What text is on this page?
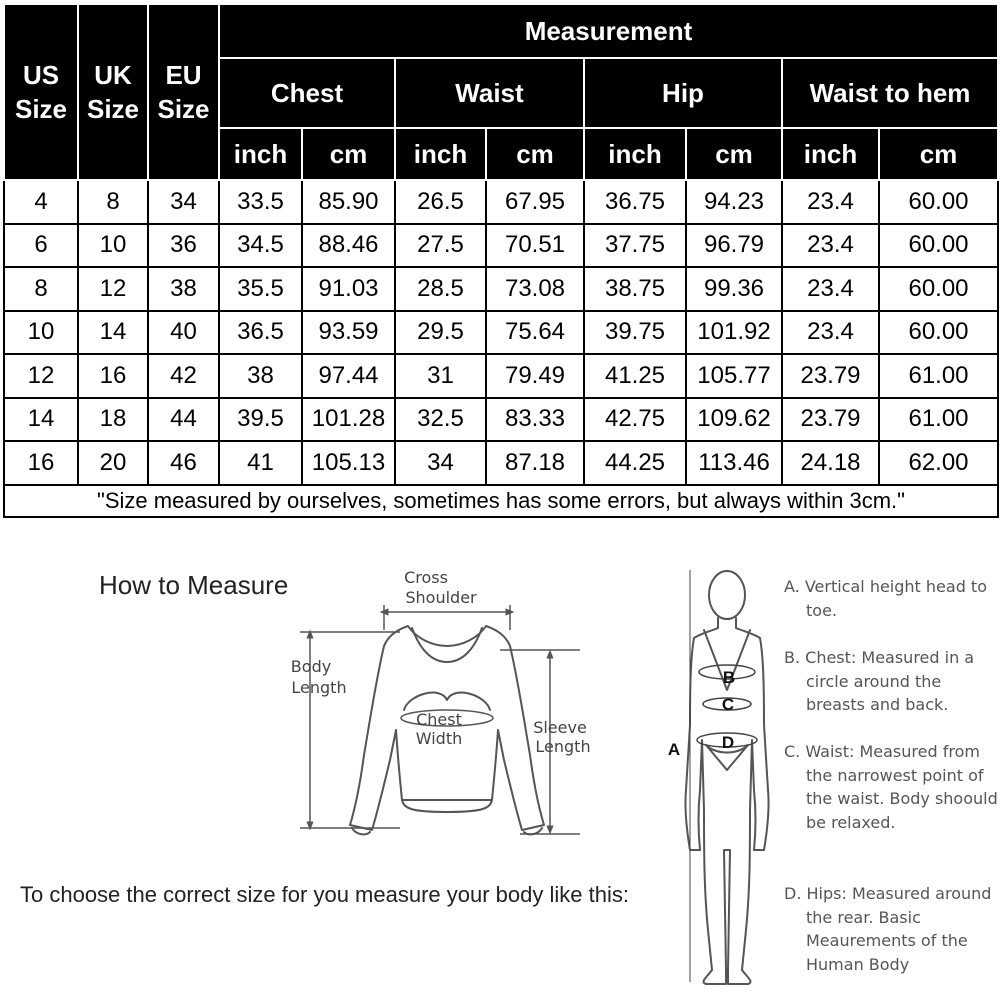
US Size	UK Size	EU Size	Measurement							
			Chest		Waist		Hip		Waist to hem	
			inch	cm	inch	cm	inch	cm	inch	cm
4	8	34	33.5	85.90	26.5	67.95	36.75	94.23	23.4	60.00
6	10	36	34.5	88.46	27.5	70.51	37.75	96.79	23.4	60.00
8	12	38	35.5	91.03	28.5	73.08	38.75	99.36	23.4	60.00
10	14	40	36.5	93.59	29.5	75.64	39.75	101.92	23.4	60.00
12	16	42	38	97.44	31	79.49	41.25	105.77	23.79	61.00
14	18	44	39.5	101.28	32.5	83.33	42.75	109.62	23.79	61.00
16	20	46	41	105.13	34	87.18	44.25	113.46	24.18	62.00
"Size measured by ourselves, sometimes has some errors, but always within 3cm."										
How to Measure
To choose the correct size for you measure your body like this:
Cross
Shoulder
Body
Length
Chest
Width
Sleeve
Length	A
B
C
D

A. Vertical height head to toe.

B. Chest: Measured in a circle around the breasts and back.

C. Waist: Measured from the narrowest point of the waist. Body shoould be relaxed.

D. Hips: Measured around the rear. Basic Meaurements of the Human Body
